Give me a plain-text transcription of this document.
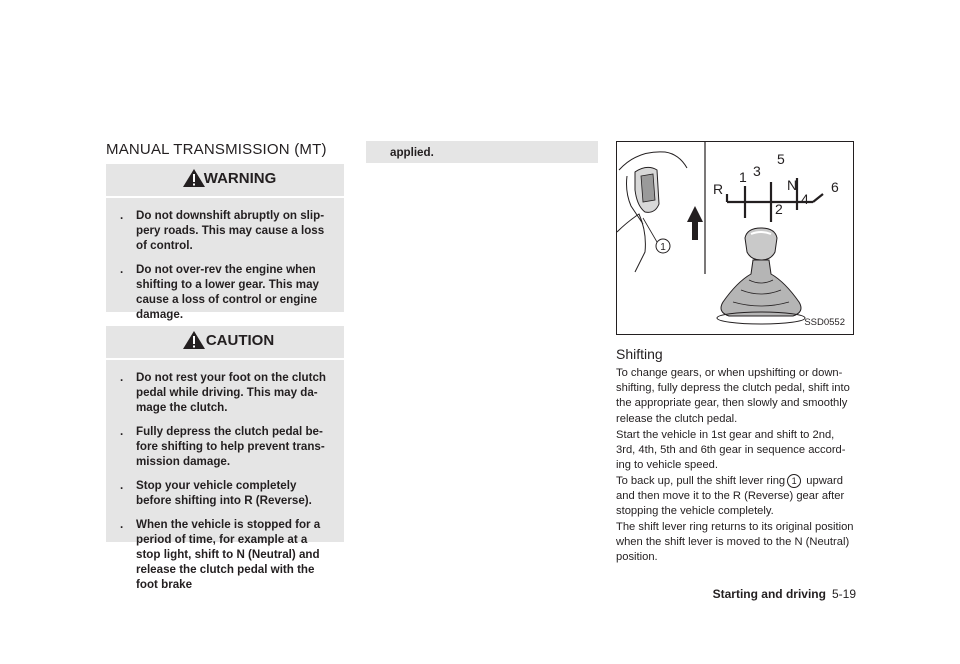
MANUAL TRANSMISSION (MT)
WARNING
. Do not downshift abruptly on slip-pery roads. This may cause a loss of control.
. Do not over-rev the engine when shifting to a lower gear. This may cause a loss of control or engine damage.
CAUTION
. Do not rest your foot on the clutch pedal while driving. This may da-mage the clutch.
. Fully depress the clutch pedal be-fore shifting to help prevent trans-mission damage.
. Stop your vehicle completely before shifting into R (Reverse).
. When the vehicle is stopped for a period of time, for example at a stop light, shift to N (Neutral) and release the clutch pedal with the foot brake
applied.
1
R
1
2
3
N
4
5
6
SSD0552
Shifting

To change gears, or when upshifting or down-shifting, fully depress the clutch pedal, shift into the appropriate gear, then slowly and smoothly release the clutch pedal.

Start the vehicle in 1st gear and shift to 2nd, 3rd, 4th, 5th and 6th gear in sequence accord-ing to vehicle speed.

To back up, pull the shift lever ring 1 upward and then move it to the R (Reverse) gear after stopping the vehicle completely.

The shift lever ring returns to its original position when the shift lever is moved to the N (Neutral) position.

Starting and driving 5-19
